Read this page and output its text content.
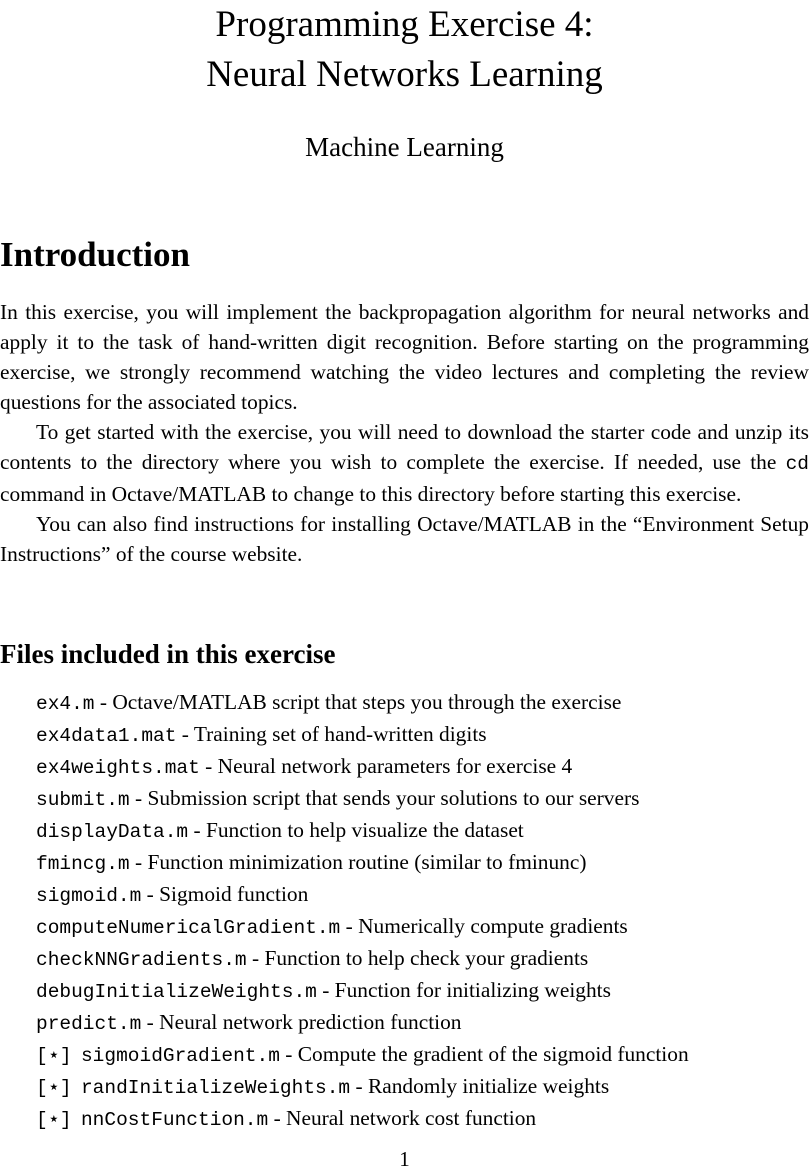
Programming Exercise 4:
Neural Networks Learning
Machine Learning
Introduction

In this exercise, you will implement the backpropagation algorithm for neural networks and apply it to the task of hand-written digit recognition. Before starting on the programming exercise, we strongly recommend watching the video lectures and completing the review questions for the associated topics.

To get started with the exercise, you will need to download the starter code and unzip its contents to the directory where you wish to complete the exercise. If needed, use the cd command in Octave/MATLAB to change to this directory before starting this exercise.

You can also find instructions for installing Octave/MATLAB in the “Environment Setup Instructions” of the course website.

Files included in this exercise
ex4.m - Octave/MATLAB script that steps you through the exercise
ex4data1.mat - Training set of hand-written digits
ex4weights.mat - Neural network parameters for exercise 4
submit.m - Submission script that sends your solutions to our servers
displayData.m - Function to help visualize the dataset
fmincg.m - Function minimization routine (similar to fminunc)
sigmoid.m - Sigmoid function
computeNumericalGradient.m - Numerically compute gradients
checkNNGradients.m - Function to help check your gradients
debugInitializeWeights.m - Function for initializing weights
predict.m - Neural network prediction function
[⋆] sigmoidGradient.m - Compute the gradient of the sigmoid function
[⋆] randInitializeWeights.m - Randomly initialize weights
[⋆] nnCostFunction.m - Neural network cost function
1
